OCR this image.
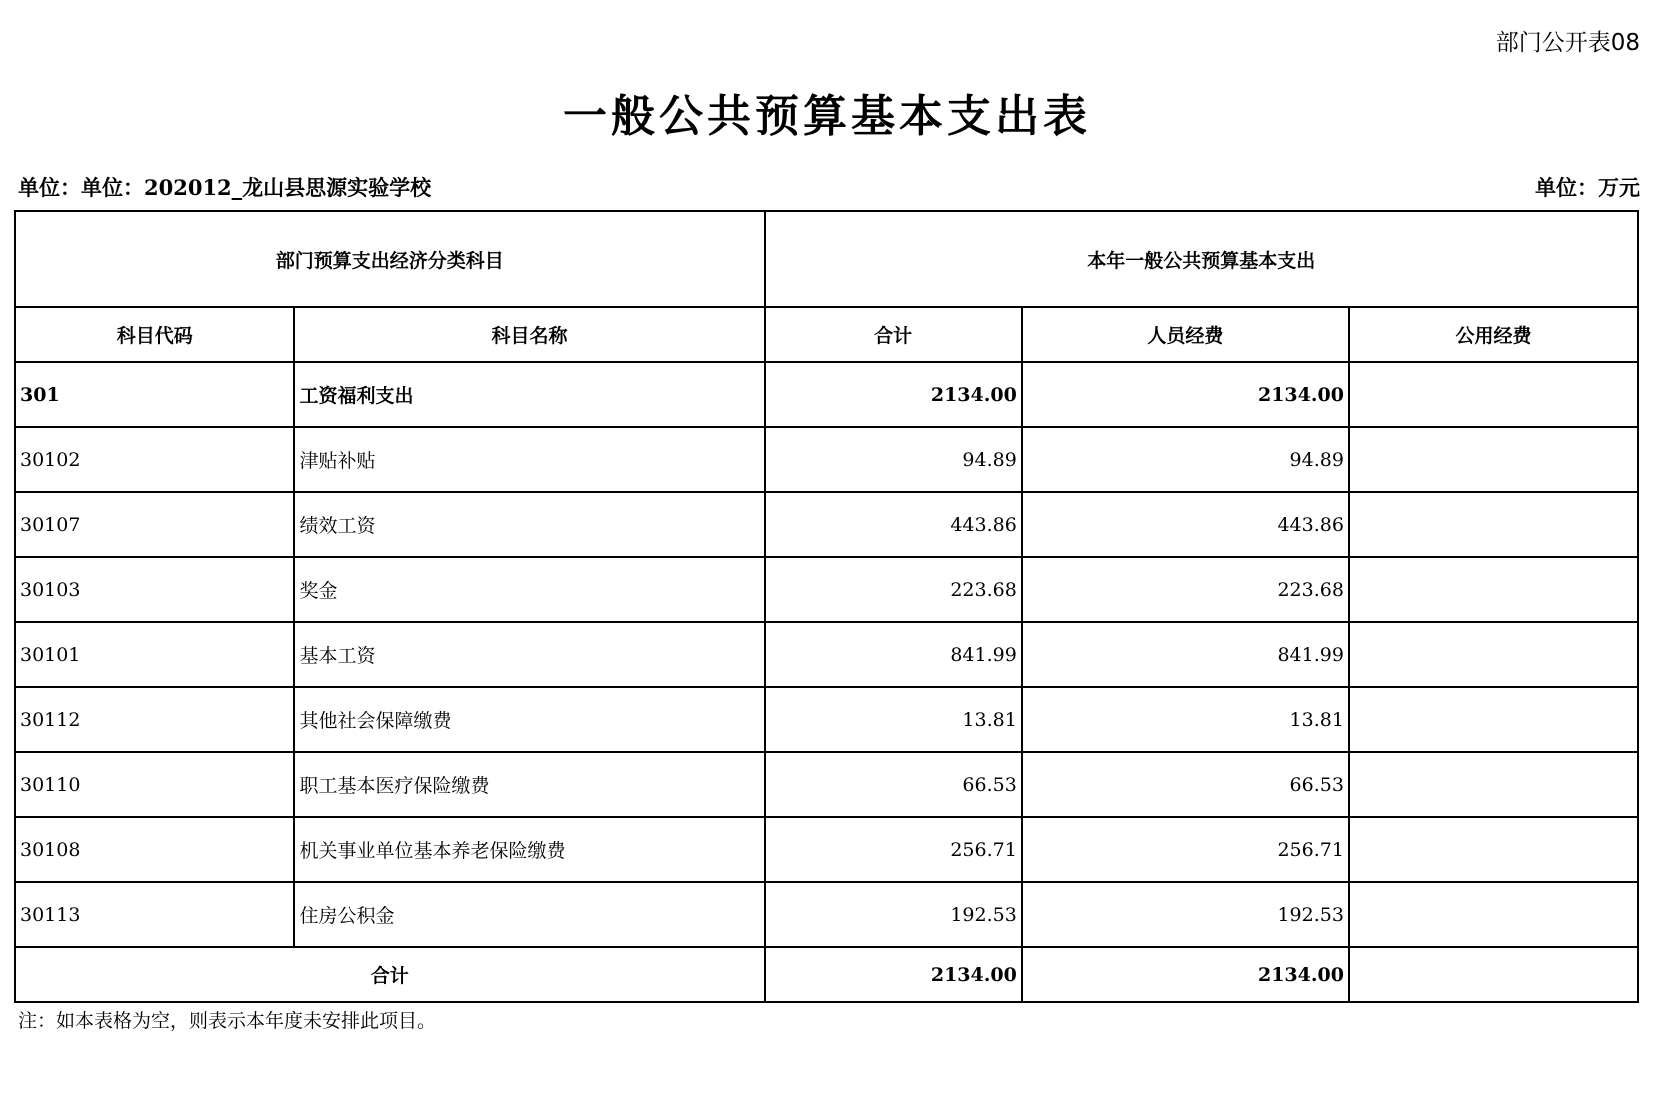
部门公开表08
一般公共预算基本支出表
单位：单位：202012_龙山县思源实验学校	单位：万元
部门预算支出经济分类科目		本年一般公共预算基本支出		
科目代码	科目名称	合计	人员经费	公用经费
301	工资福利支出	2134.00	2134.00	
30102	津贴补贴	94.89	94.89	
30107	绩效工资	443.86	443.86	
30103	奖金	223.68	223.68	
30101	基本工资	841.99	841.99	
30112	其他社会保障缴费	13.81	13.81	
30110	职工基本医疗保险缴费	66.53	66.53	
30108	机关事业单位基本养老保险缴费	256.71	256.71	
30113	住房公积金	192.53	192.53	
合计		2134.00	2134.00	
注：如本表格为空，则表示本年度未安排此项目。
